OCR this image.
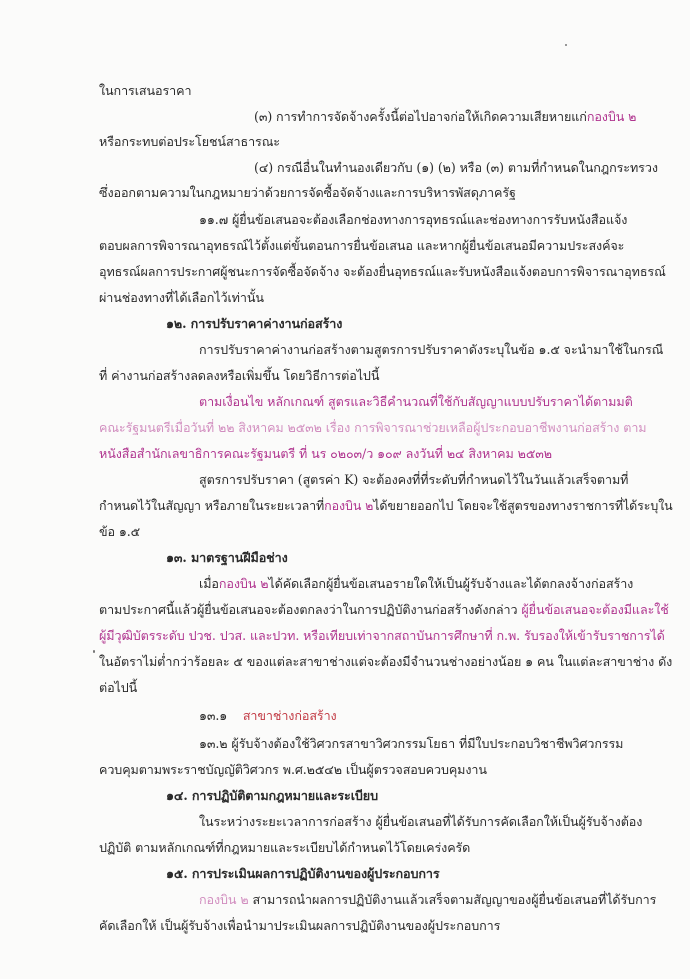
ในการเสนอราคา
(๓) การทำการจัดจ้างครั้งนี้ต่อไปอาจก่อให้เกิดความเสียหายแก่กองบิน ๒
หรือกระทบต่อประโยชน์สาธารณะ
(๔) กรณีอื่นในทำนองเดียวกับ (๑) (๒) หรือ (๓) ตามที่กำหนดในกฎกระทรวง
ซึ่งออกตามความในกฎหมายว่าด้วยการจัดซื้อจัดจ้างและการบริหารพัสดุภาครัฐ
๑๑.๗ ผู้ยื่นข้อเสนอจะต้องเลือกช่องทางการอุทธรณ์และช่องทางการรับหนังสือแจ้ง
ตอบผลการพิจารณาอุทธรณ์ไว้ตั้งแต่ขั้นตอนการยื่นข้อเสนอ และหากผู้ยื่นข้อเสนอมีความประสงค์จะ
อุทธรณ์ผลการประกาศผู้ชนะการจัดซื้อจัดจ้าง จะต้องยื่นอุทธรณ์และรับหนังสือแจ้งตอบการพิจารณาอุทธรณ์
ผ่านช่องทางที่ได้เลือกไว้เท่านั้น
๑๒. การปรับราคาค่างานก่อสร้าง
การปรับราคาค่างานก่อสร้างตามสูตรการปรับราคาดังระบุในข้อ ๑.๕ จะนำมาใช้ในกรณี
ที่ ค่างานก่อสร้างลดลงหรือเพิ่มขึ้น โดยวิธีการต่อไปนี้
ตามเงื่อนไข หลักเกณฑ์ สูตรและวิธีคำนวณที่ใช้กับสัญญาแบบปรับราคาได้ตามมติ
คณะรัฐมนตรีเมื่อวันที่ ๒๒ สิงหาคม ๒๕๓๒ เรื่อง การพิจารณาช่วยเหลือผู้ประกอบอาชีพงานก่อสร้าง ตาม
หนังสือสำนักเลขาธิการคณะรัฐมนตรี ที่ นร ๐๒๐๓/ว ๑๐๙ ลงวันที่ ๒๔ สิงหาคม ๒๕๓๒
สูตรการปรับราคา (สูตรค่า K) จะต้องคงที่ที่ระดับที่กำหนดไว้ในวันแล้วเสร็จตามที่
กำหนดไว้ในสัญญา หรือภายในระยะเวลาที่กองบิน ๒ได้ขยายออกไป โดยจะใช้สูตรของทางราชการที่ได้ระบุใน
ข้อ ๑.๕
๑๓. มาตรฐานฝีมือช่าง
เมื่อกองบิน ๒ได้คัดเลือกผู้ยื่นข้อเสนอรายใดให้เป็นผู้รับจ้างและได้ตกลงจ้างก่อสร้าง
ตามประกาศนี้แล้วผู้ยื่นข้อเสนอจะต้องตกลงว่าในการปฏิบัติงานก่อสร้างดังกล่าว ผู้ยื่นข้อเสนอจะต้องมีและใช้
ผู้มีวุฒิบัตรระดับ ปวช. ปวส. และปวท. หรือเทียบเท่าจากสถาบันการศึกษาที่ ก.พ. รับรองให้เข้ารับราชการได้
ในอัตราไม่ต่ำกว่าร้อยละ ๕ ของแต่ละสาขาช่างแต่จะต้องมีจำนวนช่างอย่างน้อย ๑ คน ในแต่ละสาขาช่าง ดัง
ต่อไปนี้
๑๓.๑ สาขาช่างก่อสร้าง
๑๓.๒ ผู้รับจ้างต้องใช้วิศวกรสาขาวิศวกรรมโยธา ที่มีใบประกอบวิชาชีพวิศวกรรม
ควบคุมตามพระราชบัญญัติวิศวกร พ.ศ.๒๕๔๒ เป็นผู้ตรวจสอบควบคุมงาน
๑๔. การปฏิบัติตามกฎหมายและระเบียบ
ในระหว่างระยะเวลาการก่อสร้าง ผู้ยื่นข้อเสนอที่ได้รับการคัดเลือกให้เป็นผู้รับจ้างต้อง
ปฏิบัติ ตามหลักเกณฑ์ที่กฎหมายและระเบียบได้กำหนดไว้โดยเคร่งครัด
๑๕. การประเมินผลการปฏิบัติงานของผู้ประกอบการ
กองบิน ๒ สามารถนำผลการปฏิบัติงานแล้วเสร็จตามสัญญาของผู้ยื่นข้อเสนอที่ได้รับการ
คัดเลือกให้ เป็นผู้รับจ้างเพื่อนำมาประเมินผลการปฏิบัติงานของผู้ประกอบการ
